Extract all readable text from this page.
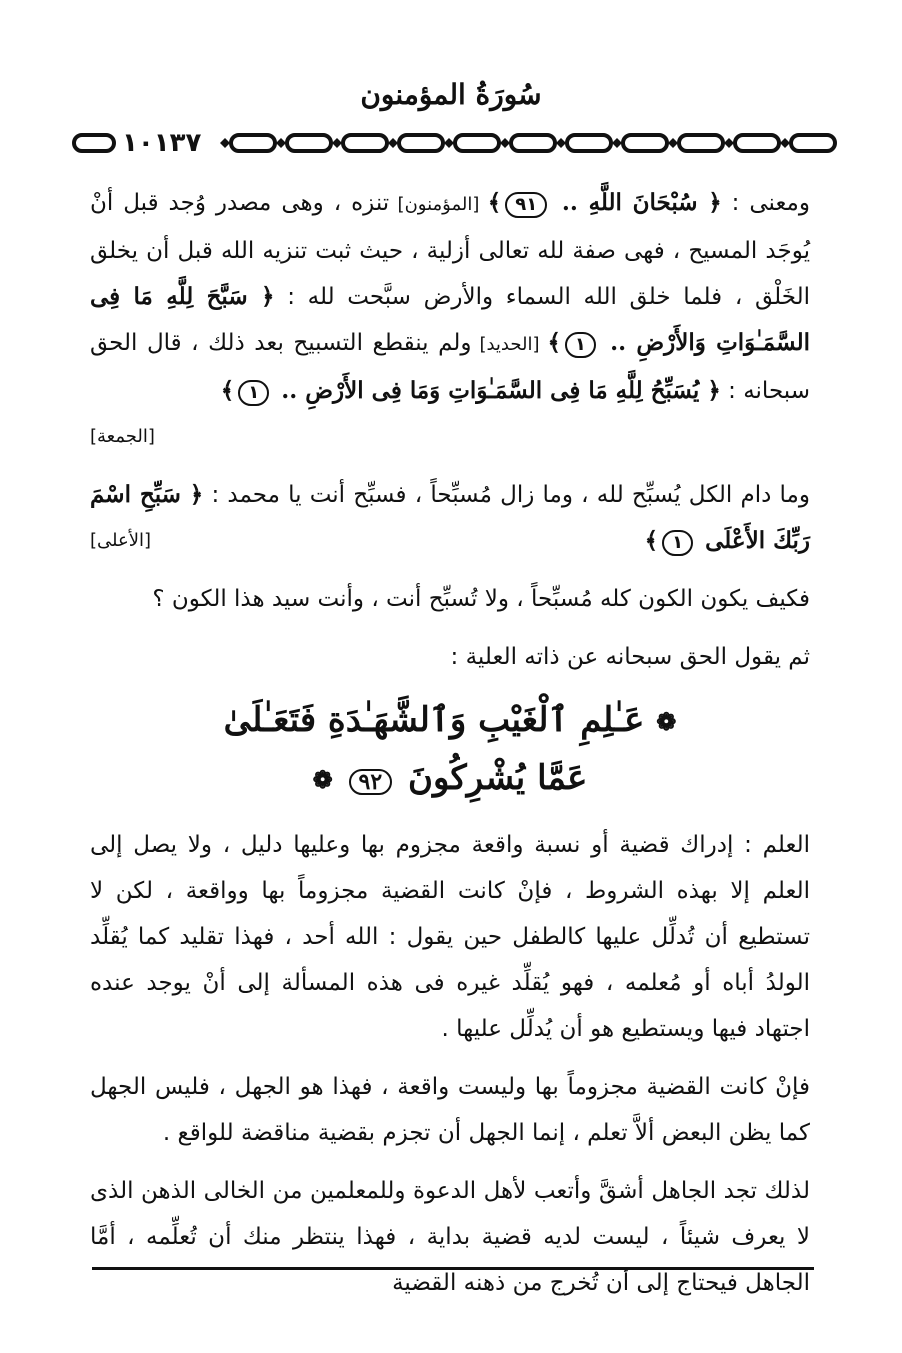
سُورَةُ المؤمنون
١٠١٣٧
ومعنى : ﴿ سُبْحَانَ اللَّهِ .. ٩١﴾ [المؤمنون] تنزه ، وهى مصدر وُجد قبل أنْ يُوجَد المسيح ، فهى صفة لله تعالى أزلية ، حيث ثبت تنزيه الله قبل أن يخلق الخَلْق ، فلما خلق الله السماء والأرض سبَّحت لله : ﴿ سَبَّحَ لِلَّهِ مَا فِى السَّمَـٰوَاتِ وَالأَرْضِ .. ١﴾ [الحديد] ولم ينقطع التسبيح بعد ذلك ، قال الحق سبحانه : ﴿ يُسَبِّحُ لِلَّهِ مَا فِى السَّمَـٰوَاتِ وَمَا فِى الأَرْضِ .. ١﴾
[الجمعة]
وما دام الكل يُسبِّح لله ، وما زال مُسبِّحاً ، فسبِّح أنت يا محمد : ﴿ سَبِّحِ اسْمَ رَبِّكَ الأَعْلَى ١﴾
[الأعلى]
فكيف يكون الكون كله مُسبِّحاً ، ولا تُسبِّح أنت ، وأنت سيد هذا الكون ؟
ثم يقول الحق سبحانه عن ذاته العلية :
❁ عَـٰلِمِ ٱلْغَيْبِ وَٱلشَّهَـٰدَةِ فَتَعَـٰلَىٰ
عَمَّا يُشْرِكُونَ ٩٢ ❁
العلم : إدراك قضية أو نسبة واقعة مجزوم بها وعليها دليل ، ولا يصل إلى العلم إلا بهذه الشروط ، فإنْ كانت القضية مجزوماً بها وواقعة ، لكن لا تستطيع أن تُدلِّل عليها كالطفل حين يقول : الله أحد ، فهذا تقليد كما يُقلِّد الولدُ أباه أو مُعلمه ، فهو يُقلِّد غيره فى هذه المسألة إلى أنْ يوجد عنده اجتهاد فيها ويستطيع هو أن يُدلِّل عليها .
فإنْ كانت القضية مجزوماً بها وليست واقعة ، فهذا هو الجهل ، فليس الجهل كما يظن البعض ألاَّ تعلم ، إنما الجهل أن تجزم بقضية مناقضة للواقع .
لذلك تجد الجاهل أشقَّ وأتعب لأهل الدعوة وللمعلمين من الخالى الذهن الذى لا يعرف شيئاً ، ليست لديه قضية بداية ، فهذا ينتظر منك أن تُعلِّمه ، أمَّا الجاهل فيحتاج إلى أن تُخرج من ذهنه القضية
